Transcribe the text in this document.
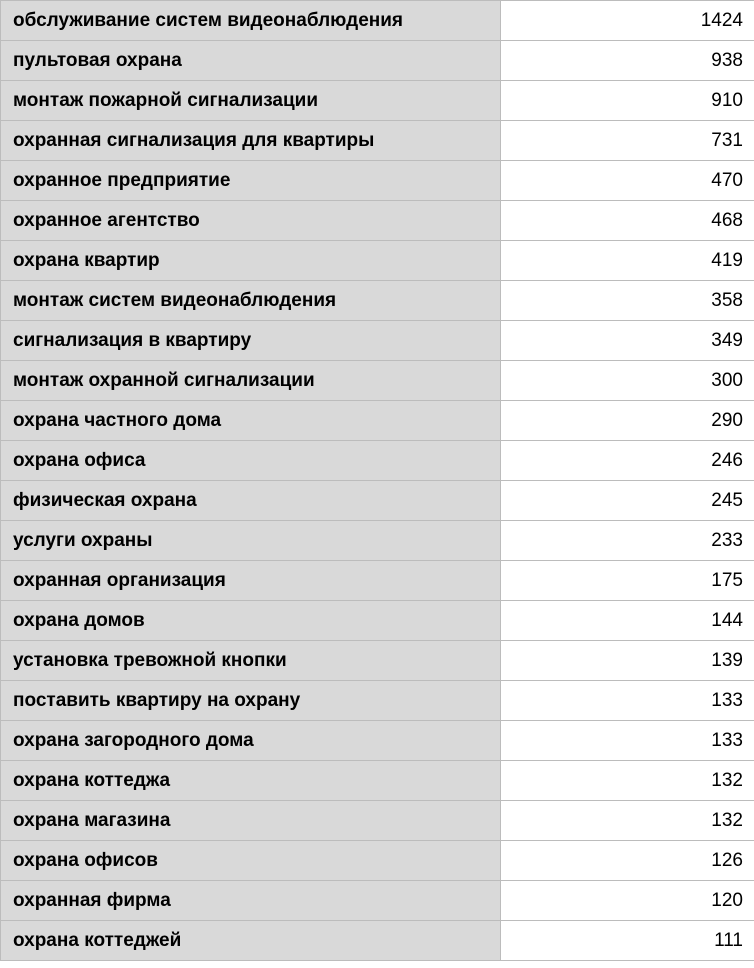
обслуживание систем видеонаблюдения	1424
пультовая охрана	938
монтаж пожарной сигнализации	910
охранная сигнализация для квартиры	731
охранное предприятие	470
охранное агентство	468
охрана квартир	419
монтаж систем видеонаблюдения	358
сигнализация в квартиру	349
монтаж охранной сигнализации	300
охрана частного дома	290
охрана офиса	246
физическая охрана	245
услуги охраны	233
охранная организация	175
охрана домов	144
установка тревожной кнопки	139
поставить квартиру на охрану	133
охрана загородного дома	133
охрана коттеджа	132
охрана магазина	132
охрана офисов	126
охранная фирма	120
охрана коттеджей	111
